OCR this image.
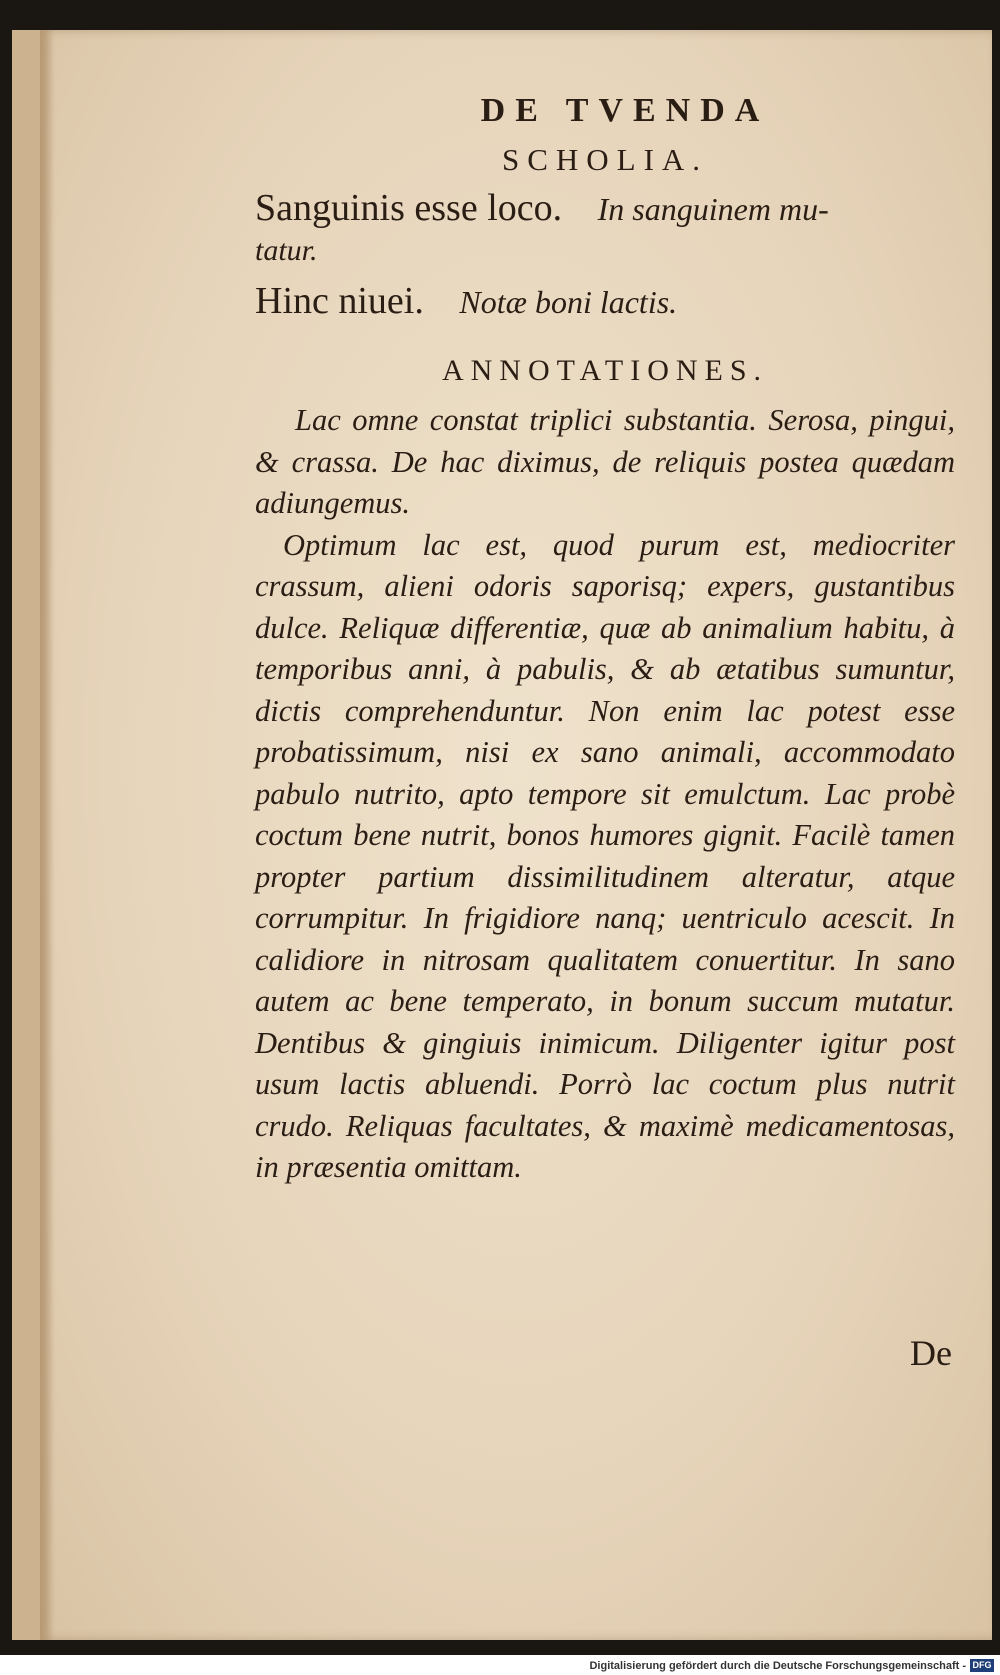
DE TVENDA
SCHOLIA.

Sanguinis esse loco. In sanguinem mu-

tatur.

Hinc niuei. Notæ boni lactis.

ANNOTATIONES.

Lac omne constat triplici substantia. Serosa, pingui, & crassa. De hac diximus, de reliquis postea quædam adiungemus.

Optimum lac est, quod purum est, mediocriter crassum, alieni odoris saporisq; expers, gustantibus dulce. Reliquæ differentiæ, quæ ab animalium habitu, à temporibus anni, à pabulis, & ab ætatibus sumuntur, dictis comprehenduntur. Non enim lac potest esse probatissimum, nisi ex sano animali, accommodato pabulo nutrito, apto tempore sit emulctum. Lac probè coctum bene nutrit, bonos humores gignit. Facilè tamen propter partium dissimilitudinem alteratur, atque corrumpitur. In frigidiore nanq; uentriculo acescit. In calidiore in nitrosam qualitatem conuertitur. In sano autem ac bene temperato, in bonum succum mutatur. Dentibus & gingiuis inimicum. Diligenter igitur post usum lactis abluendi. Porrò lac coctum plus nutrit crudo. Reliquas facultates, & maximè medicamentosas, in præsentia omittam.

De
Digitalisierung gefördert durch die Deutsche Forschungsgemeinschaft - DFG
